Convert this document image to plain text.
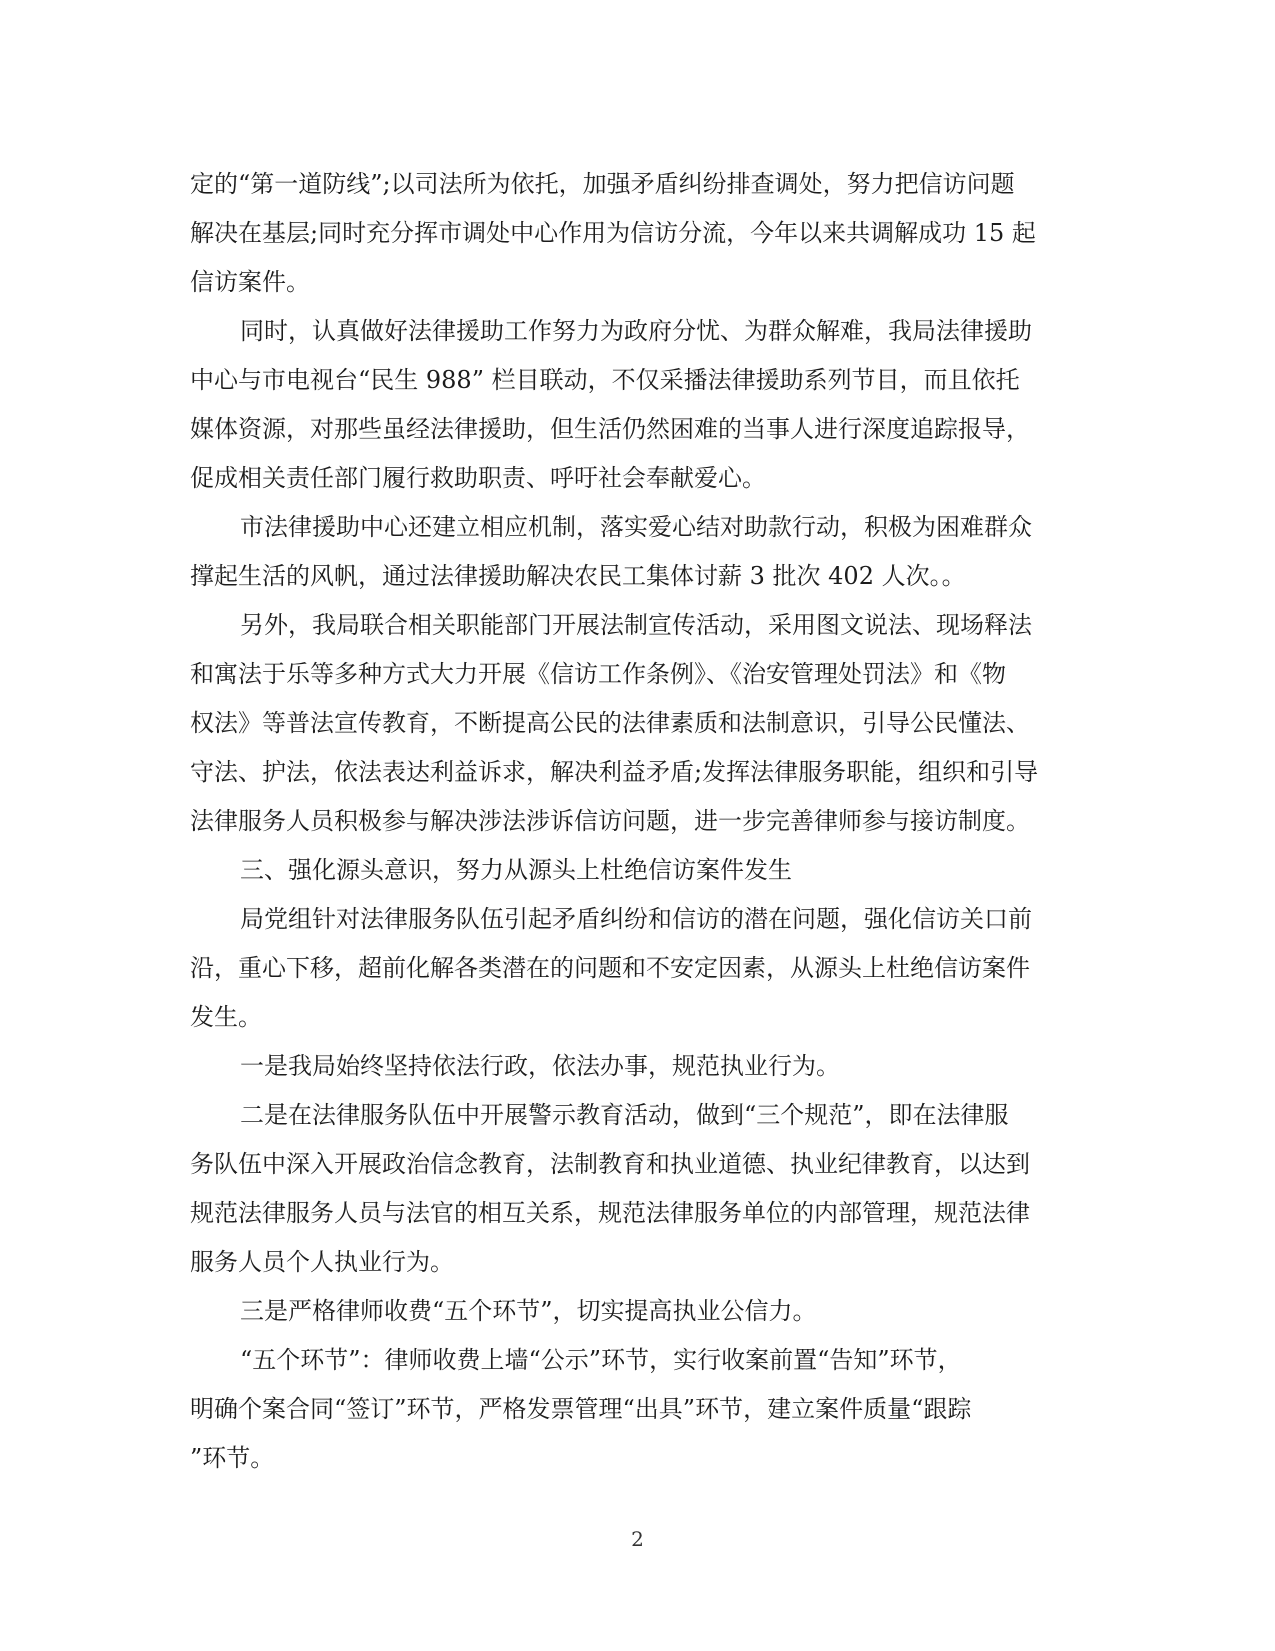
定的“第一道防线”;以司法所为依托，加强矛盾纠纷排查调处，努力把信访问题
解决在基层;同时充分挥市调处中心作用为信访分流，今年以来共调解成功 15 起
信访案件。
同时，认真做好法律援助工作努力为政府分忧、为群众解难，我局法律援助
中心与市电视台“民生 988” 栏目联动，不仅采播法律援助系列节目，而且依托
媒体资源，对那些虽经法律援助，但生活仍然困难的当事人进行深度追踪报导，
促成相关责任部门履行救助职责、呼吁社会奉献爱心。
市法律援助中心还建立相应机制，落实爱心结对助款行动，积极为困难群众
撑起生活的风帆，通过法律援助解决农民工集体讨薪 3 批次 402 人次。。
另外，我局联合相关职能部门开展法制宣传活动，采用图文说法、现场释法
和寓法于乐等多种方式大力开展《信访工作条例》、《治安管理处罚法》和《物
权法》等普法宣传教育，不断提高公民的法律素质和法制意识，引导公民懂法、
守法、护法，依法表达利益诉求，解决利益矛盾;发挥法律服务职能，组织和引导
法律服务人员积极参与解决涉法涉诉信访问题，进一步完善律师参与接访制度。
三、强化源头意识，努力从源头上杜绝信访案件发生
局党组针对法律服务队伍引起矛盾纠纷和信访的潜在问题，强化信访关口前
沿，重心下移，超前化解各类潜在的问题和不安定因素，从源头上杜绝信访案件
发生。
一是我局始终坚持依法行政，依法办事，规范执业行为。
二是在法律服务队伍中开展警示教育活动，做到“三个规范”，即在法律服
务队伍中深入开展政治信念教育，法制教育和执业道德、执业纪律教育，以达到
规范法律服务人员与法官的相互关系，规范法律服务单位的内部管理，规范法律
服务人员个人执业行为。
三是严格律师收费“五个环节”，切实提高执业公信力。
“五个环节”：律师收费上墙“公示”环节，实行收案前置“告知”环节，
明确个案合同“签订”环节，严格发票管理“出具”环节，建立案件质量“跟踪
”环节。
2
